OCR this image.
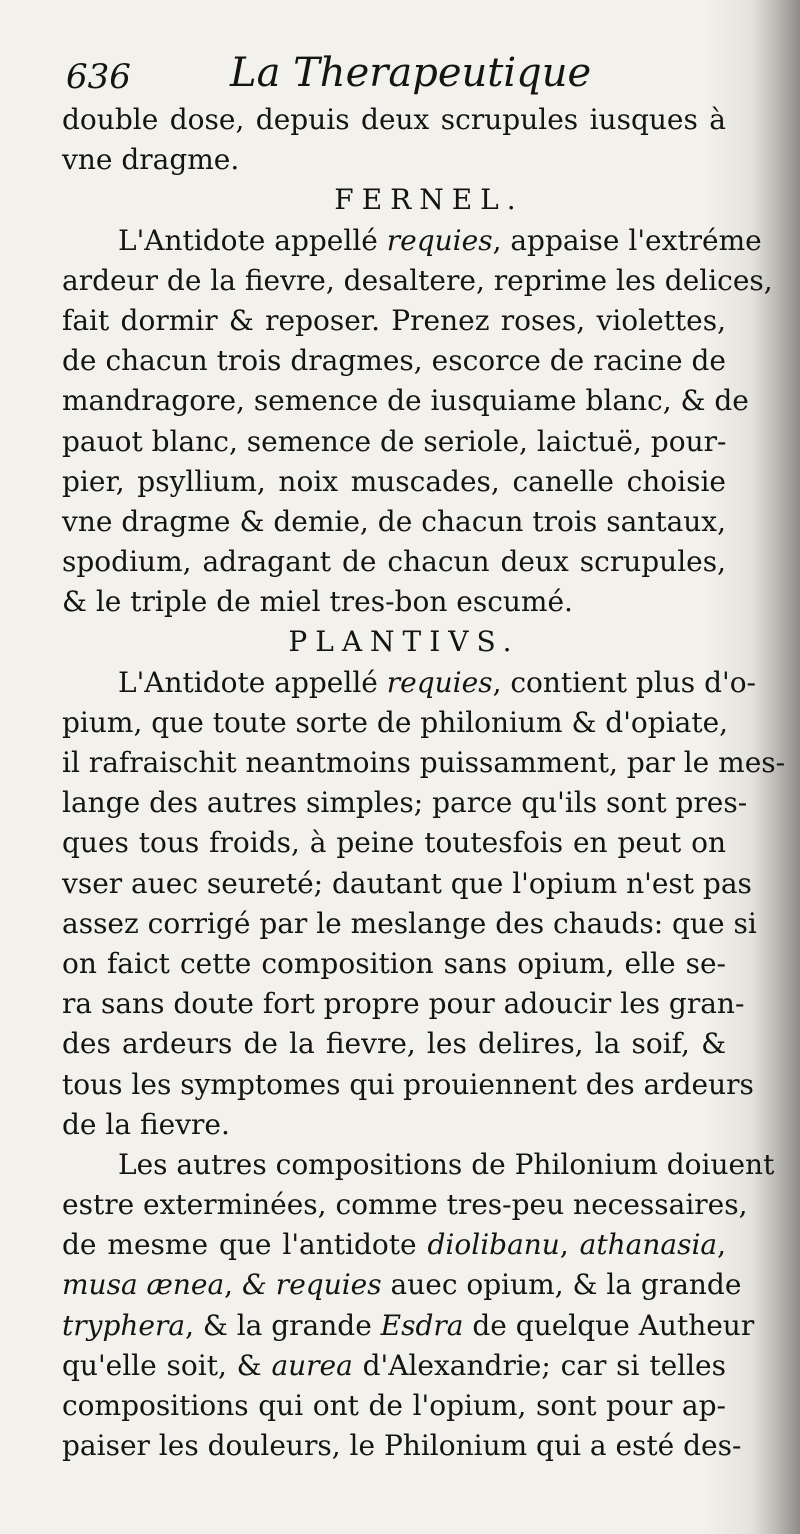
636 La Therapeutique
double dose, depuis deux scrupules iusques à
vne dragme.
FERNEL.
L'Antidote appellé requies, appaise l'extréme
ardeur de la fievre, desaltere, reprime les delices,
fait dormir & reposer. Prenez roses, violettes,
de chacun trois dragmes, escorce de racine de
mandragore, semence de iusquiame blanc, & de
pauot blanc, semence de seriole, laictuë, pour-
pier, psyllium, noix muscades, canelle choisie
vne dragme & demie, de chacun trois santaux,
spodium, adragant de chacun deux scrupules,
& le triple de miel tres-bon escumé.
PLANTIVS.
L'Antidote appellé requies, contient plus d'o-
pium, que toute sorte de philonium & d'opiate,
il rafraischit neantmoins puissamment, par le mes-
lange des autres simples; parce qu'ils sont pres-
ques tous froids, à peine toutesfois en peut on
vser auec seureté; dautant que l'opium n'est pas
assez corrigé par le meslange des chauds: que si
on faict cette composition sans opium, elle se-
ra sans doute fort propre pour adoucir les gran-
des ardeurs de la fievre, les delires, la soif, &
tous les symptomes qui prouiennent des ardeurs
de la fievre.
Les autres compositions de Philonium doiuent
estre exterminées, comme tres-peu necessaires,
de mesme que l'antidote diolibanu, athanasia,
musa ænea, & requies auec opium, & la grande
tryphera, & la grande Esdra de quelque Autheur
qu'elle soit, & aurea d'Alexandrie; car si telles
compositions qui ont de l'opium, sont pour ap-
paiser les douleurs, le Philonium qui a esté des-
